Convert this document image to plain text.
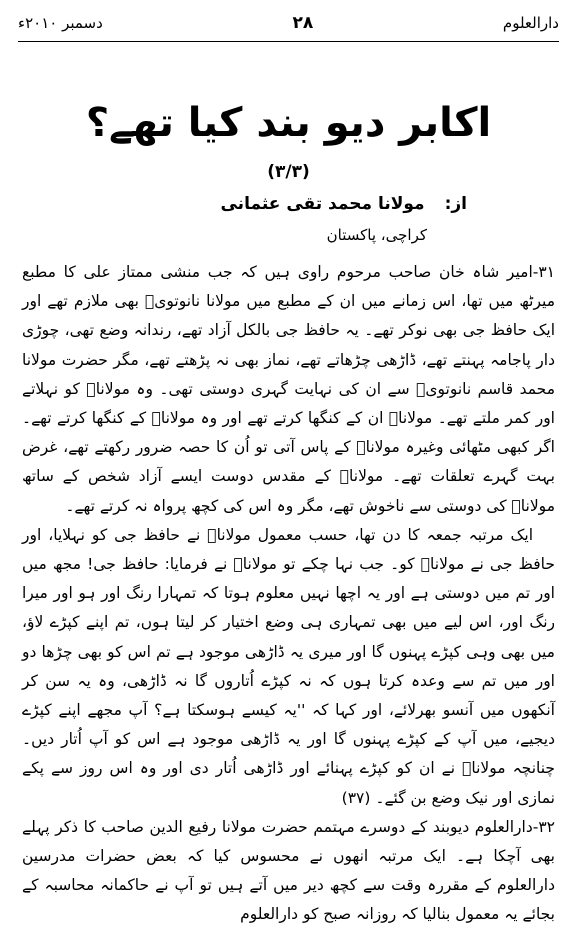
دارالعلوم
۲۸
دسمبر ۲۰۱۰ء
اکابر دیو بند کیا تھے؟
(۳/۳)
از:
مولانا محمد تقی عثمانی
کراچی، پاکستان

۳۱-امیر شاہ خان صاحب مرحوم راوی ہیں کہ جب منشی ممتاز علی کا مطبع میرٹھ میں تھا، اس زمانے میں ان کے مطبع میں مولانا نانوتویؒ بھی ملازم تھے اور ایک حافظ جی بھی نوکر تھے۔ یہ حافظ جی بالکل آزاد تھے، رندانہ وضع تھی، چوڑی دار پاجامہ پہنتے تھے، ڈاڑھی چڑھاتے تھے، نماز بھی نہ پڑھتے تھے، مگر حضرت مولانا محمد قاسم نانوتویؒ سے ان کی نہایت گہری دوستی تھی۔ وہ مولاناؒ کو نہلاتے اور کمر ملتے تھے۔ مولاناؒ ان کے کنگھا کرتے تھے اور وہ مولاناؒ کے کنگھا کرتے تھے۔ اگر کبھی مٹھائی وغیرہ مولاناؒ کے پاس آتی تو اُن کا حصہ ضرور رکھتے تھے، غرض بہت گہرے تعلقات تھے۔ مولاناؒ کے مقدس دوست ایسے آزاد شخص کے ساتھ مولاناؒ کی دوستی سے ناخوش تھے، مگر وہ اس کی کچھ پرواہ نہ کرتے تھے۔

ایک مرتبہ جمعہ کا دن تھا، حسب معمول مولاناؒ نے حافظ جی کو نہلایا، اور حافظ جی نے مولاناؒ کو۔ جب نہا چکے تو مولاناؒ نے فرمایا: حافظ جی! مجھ میں اور تم میں دوستی ہے اور یہ اچھا نہیں معلوم ہوتا کہ تمہارا رنگ اور ہو اور میرا رنگ اور، اس لیے میں بھی تمہاری ہی وضع اختیار کر لیتا ہوں، تم اپنے کپڑے لاؤ، میں بھی وہی کپڑے پہنوں گا اور میری یہ ڈاڑھی موجود ہے تم اس کو بھی چڑھا دو اور میں تم سے وعدہ کرتا ہوں کہ نہ کپڑے اُتاروں گا نہ ڈاڑھی، وہ یہ سن کر آنکھوں میں آنسو بھرلائے، اور کہا کہ ''یہ کیسے ہوسکتا ہے؟ آپ مجھے اپنے کپڑے دیجیے، میں آپ کے کپڑے پہنوں گا اور یہ ڈاڑھی موجود ہے اس کو آپ اُتار دیں۔ چنانچہ مولاناؒ نے ان کو کپڑے پہنائے اور ڈاڑھی اُتار دی اور وہ اس روز سے پکے نمازی اور نیک وضع بن گئے۔ (۳۷)

۳۲-دارالعلوم دیوبند کے دوسرے مہتمم حضرت مولانا رفیع الدین صاحب کا ذکر پہلے بھی آچکا ہے۔ ایک مرتبہ انھوں نے محسوس کیا کہ بعض حضرات مدرسین دارالعلوم کے مقررہ وقت سے کچھ دیر میں آتے ہیں تو آپ نے حاکمانہ محاسبہ کے بجائے یہ معمول بنالیا کہ روزانہ صبح کو دارالعلوم
